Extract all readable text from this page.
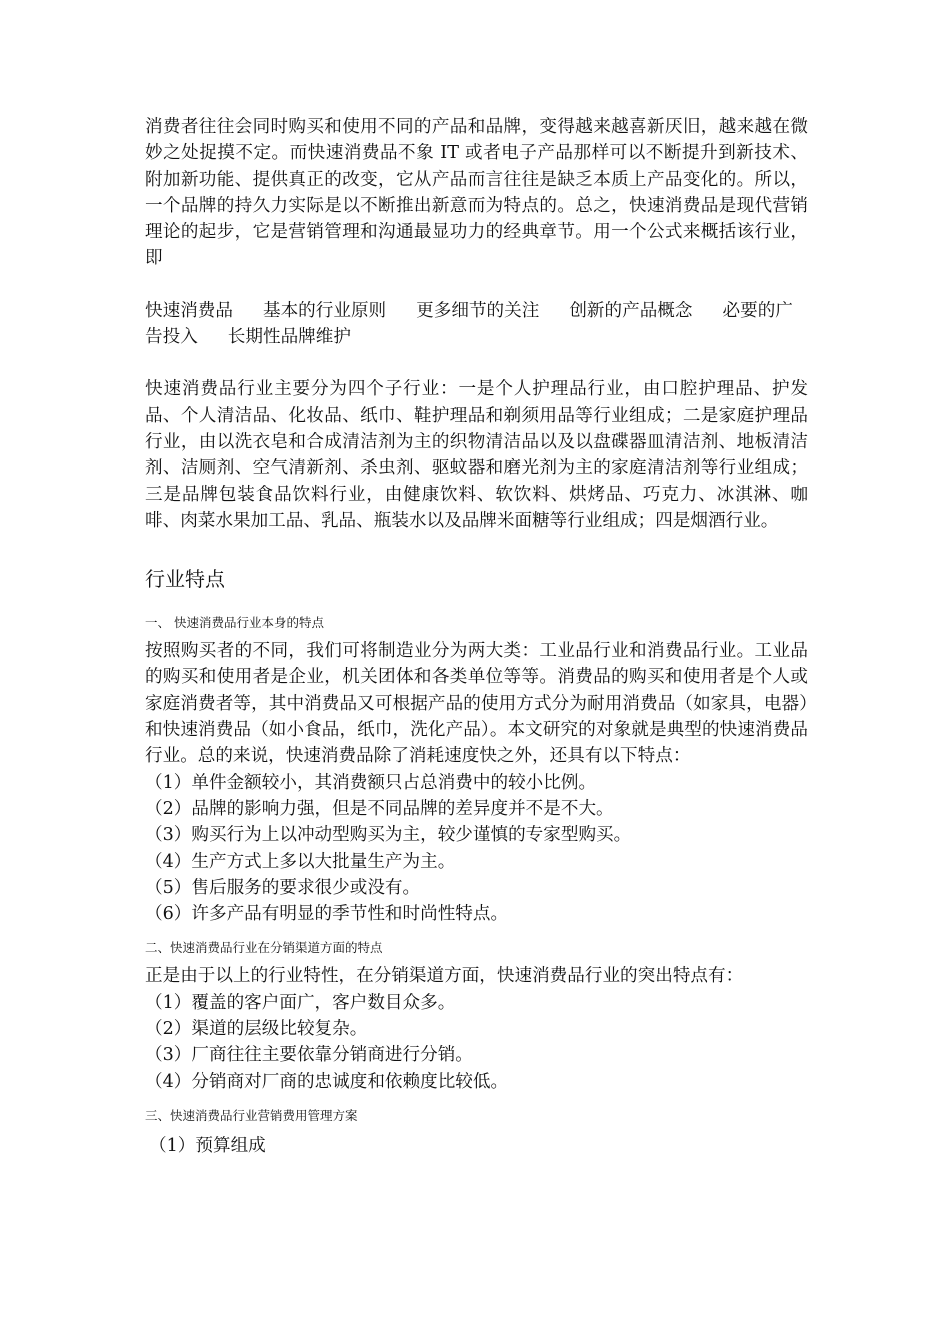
消费者往往会同时购买和使用不同的产品和品牌，变得越来越喜新厌旧，越来越在微妙之处捉摸不定。而快速消费品不象 IT 或者电子产品那样可以不断提升到新技术、附加新功能、提供真正的改变，它从产品而言往往是缺乏本质上产品变化的。所以，一个品牌的持久力实际是以不断推出新意而为特点的。总之，快速消费品是现代营销理论的起步，它是营销管理和沟通最显功力的经典章节。用一个公式来概括该行业，即

快速消费品 基本的行业原则 更多细节的关注 创新的产品概念 必要的广告投入 长期性品牌维护

快速消费品行业主要分为四个子行业：一是个人护理品行业，由口腔护理品、护发品、个人清洁品、化妆品、纸巾、鞋护理品和剃须用品等行业组成；二是家庭护理品行业，由以洗衣皂和合成清洁剂为主的织物清洁品以及以盘碟器皿清洁剂、地板清洁剂、洁厕剂、空气清新剂、杀虫剂、驱蚊器和磨光剂为主的家庭清洁剂等行业组成；三是品牌包装食品饮料行业，由健康饮料、软饮料、烘烤品、巧克力、冰淇淋、咖啡、肉菜水果加工品、乳品、瓶装水以及品牌米面糖等行业组成；四是烟酒行业。

行业特点
一、 快速消费品行业本身的特点

按照购买者的不同，我们可将制造业分为两大类：工业品行业和消费品行业。工业品的购买和使用者是企业，机关团体和各类单位等等。消费品的购买和使用者是个人或家庭消费者等，其中消费品又可根据产品的使用方式分为耐用消费品（如家具，电器）和快速消费品（如小食品，纸巾，洗化产品）。本文研究的对象就是典型的快速消费品行业。总的来说，快速消费品除了消耗速度快之外，还具有以下特点：

（1）单件金额较小，其消费额只占总消费中的较小比例。
（2）品牌的影响力强，但是不同品牌的差异度并不是不大。
（3）购买行为上以冲动型购买为主，较少谨慎的专家型购买。
（4）生产方式上多以大批量生产为主。
（5）售后服务的要求很少或没有。
（6）许多产品有明显的季节性和时尚性特点。
二、快速消费品行业在分销渠道方面的特点

正是由于以上的行业特性，在分销渠道方面，快速消费品行业的突出特点有：

（1）覆盖的客户面广，客户数目众多。
（2）渠道的层级比较复杂。
（3）厂商往往主要依靠分销商进行分销。
（4）分销商对厂商的忠诚度和依赖度比较低。
三、快速消费品行业营销费用管理方案
（1）预算组成
